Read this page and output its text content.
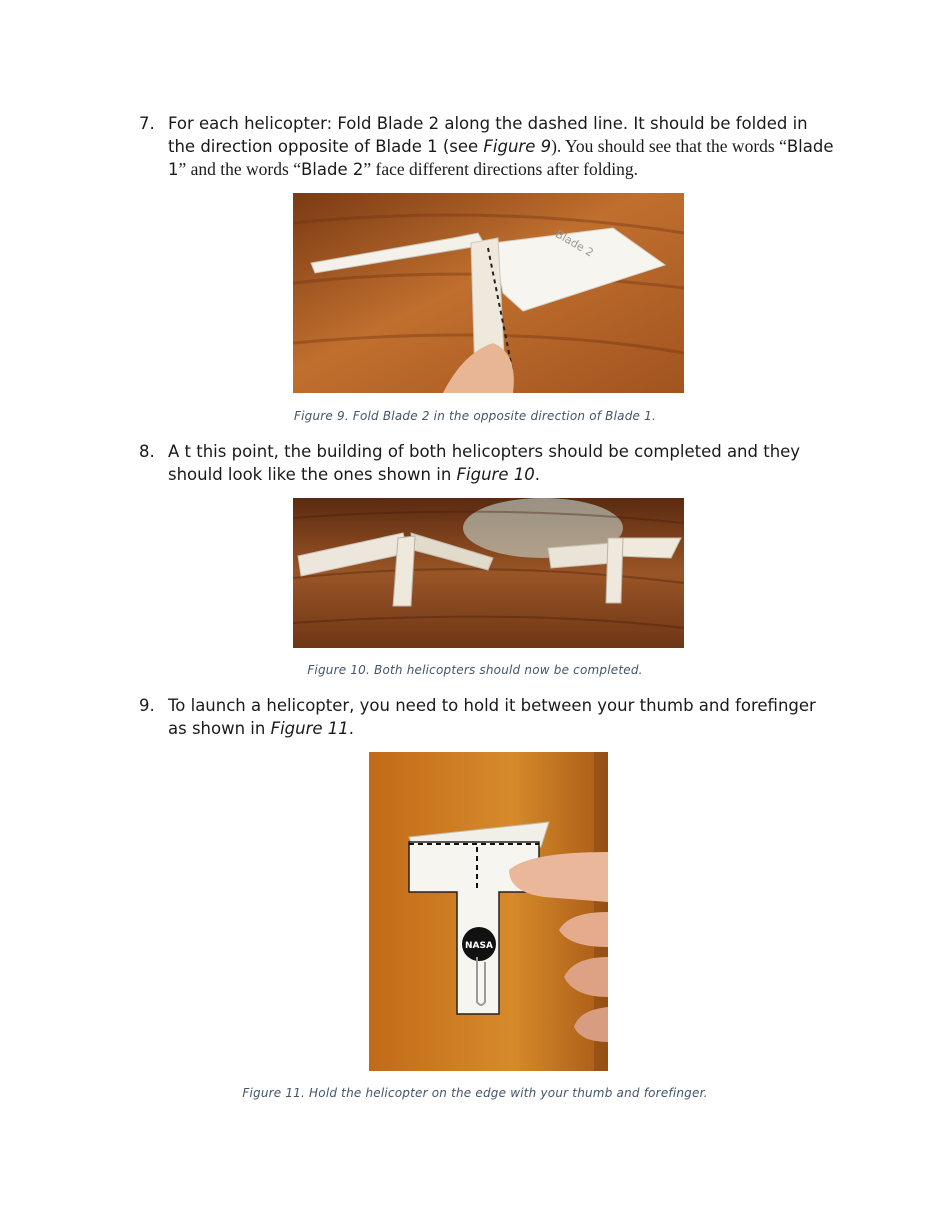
7. For each helicopter: Fold Blade 2 along the dashed line. It should be folded in the direction opposite of Blade 1 (see Figure 9). You should see that the words “Blade 1” and the words “Blade 2” face different directions after folding.
Blade 2
Figure 9. Fold Blade 2 in the opposite direction of Blade 1.
8. A t this point, the building of both helicopters should be completed and they should look like the ones shown in Figure 10.
Figure 10. Both helicopters should now be completed.
9. To launch a helicopter, you need to hold it between your thumb and forefinger as shown in Figure 11.
NASA
Figure 11. Hold the helicopter on the edge with your thumb and forefinger.
